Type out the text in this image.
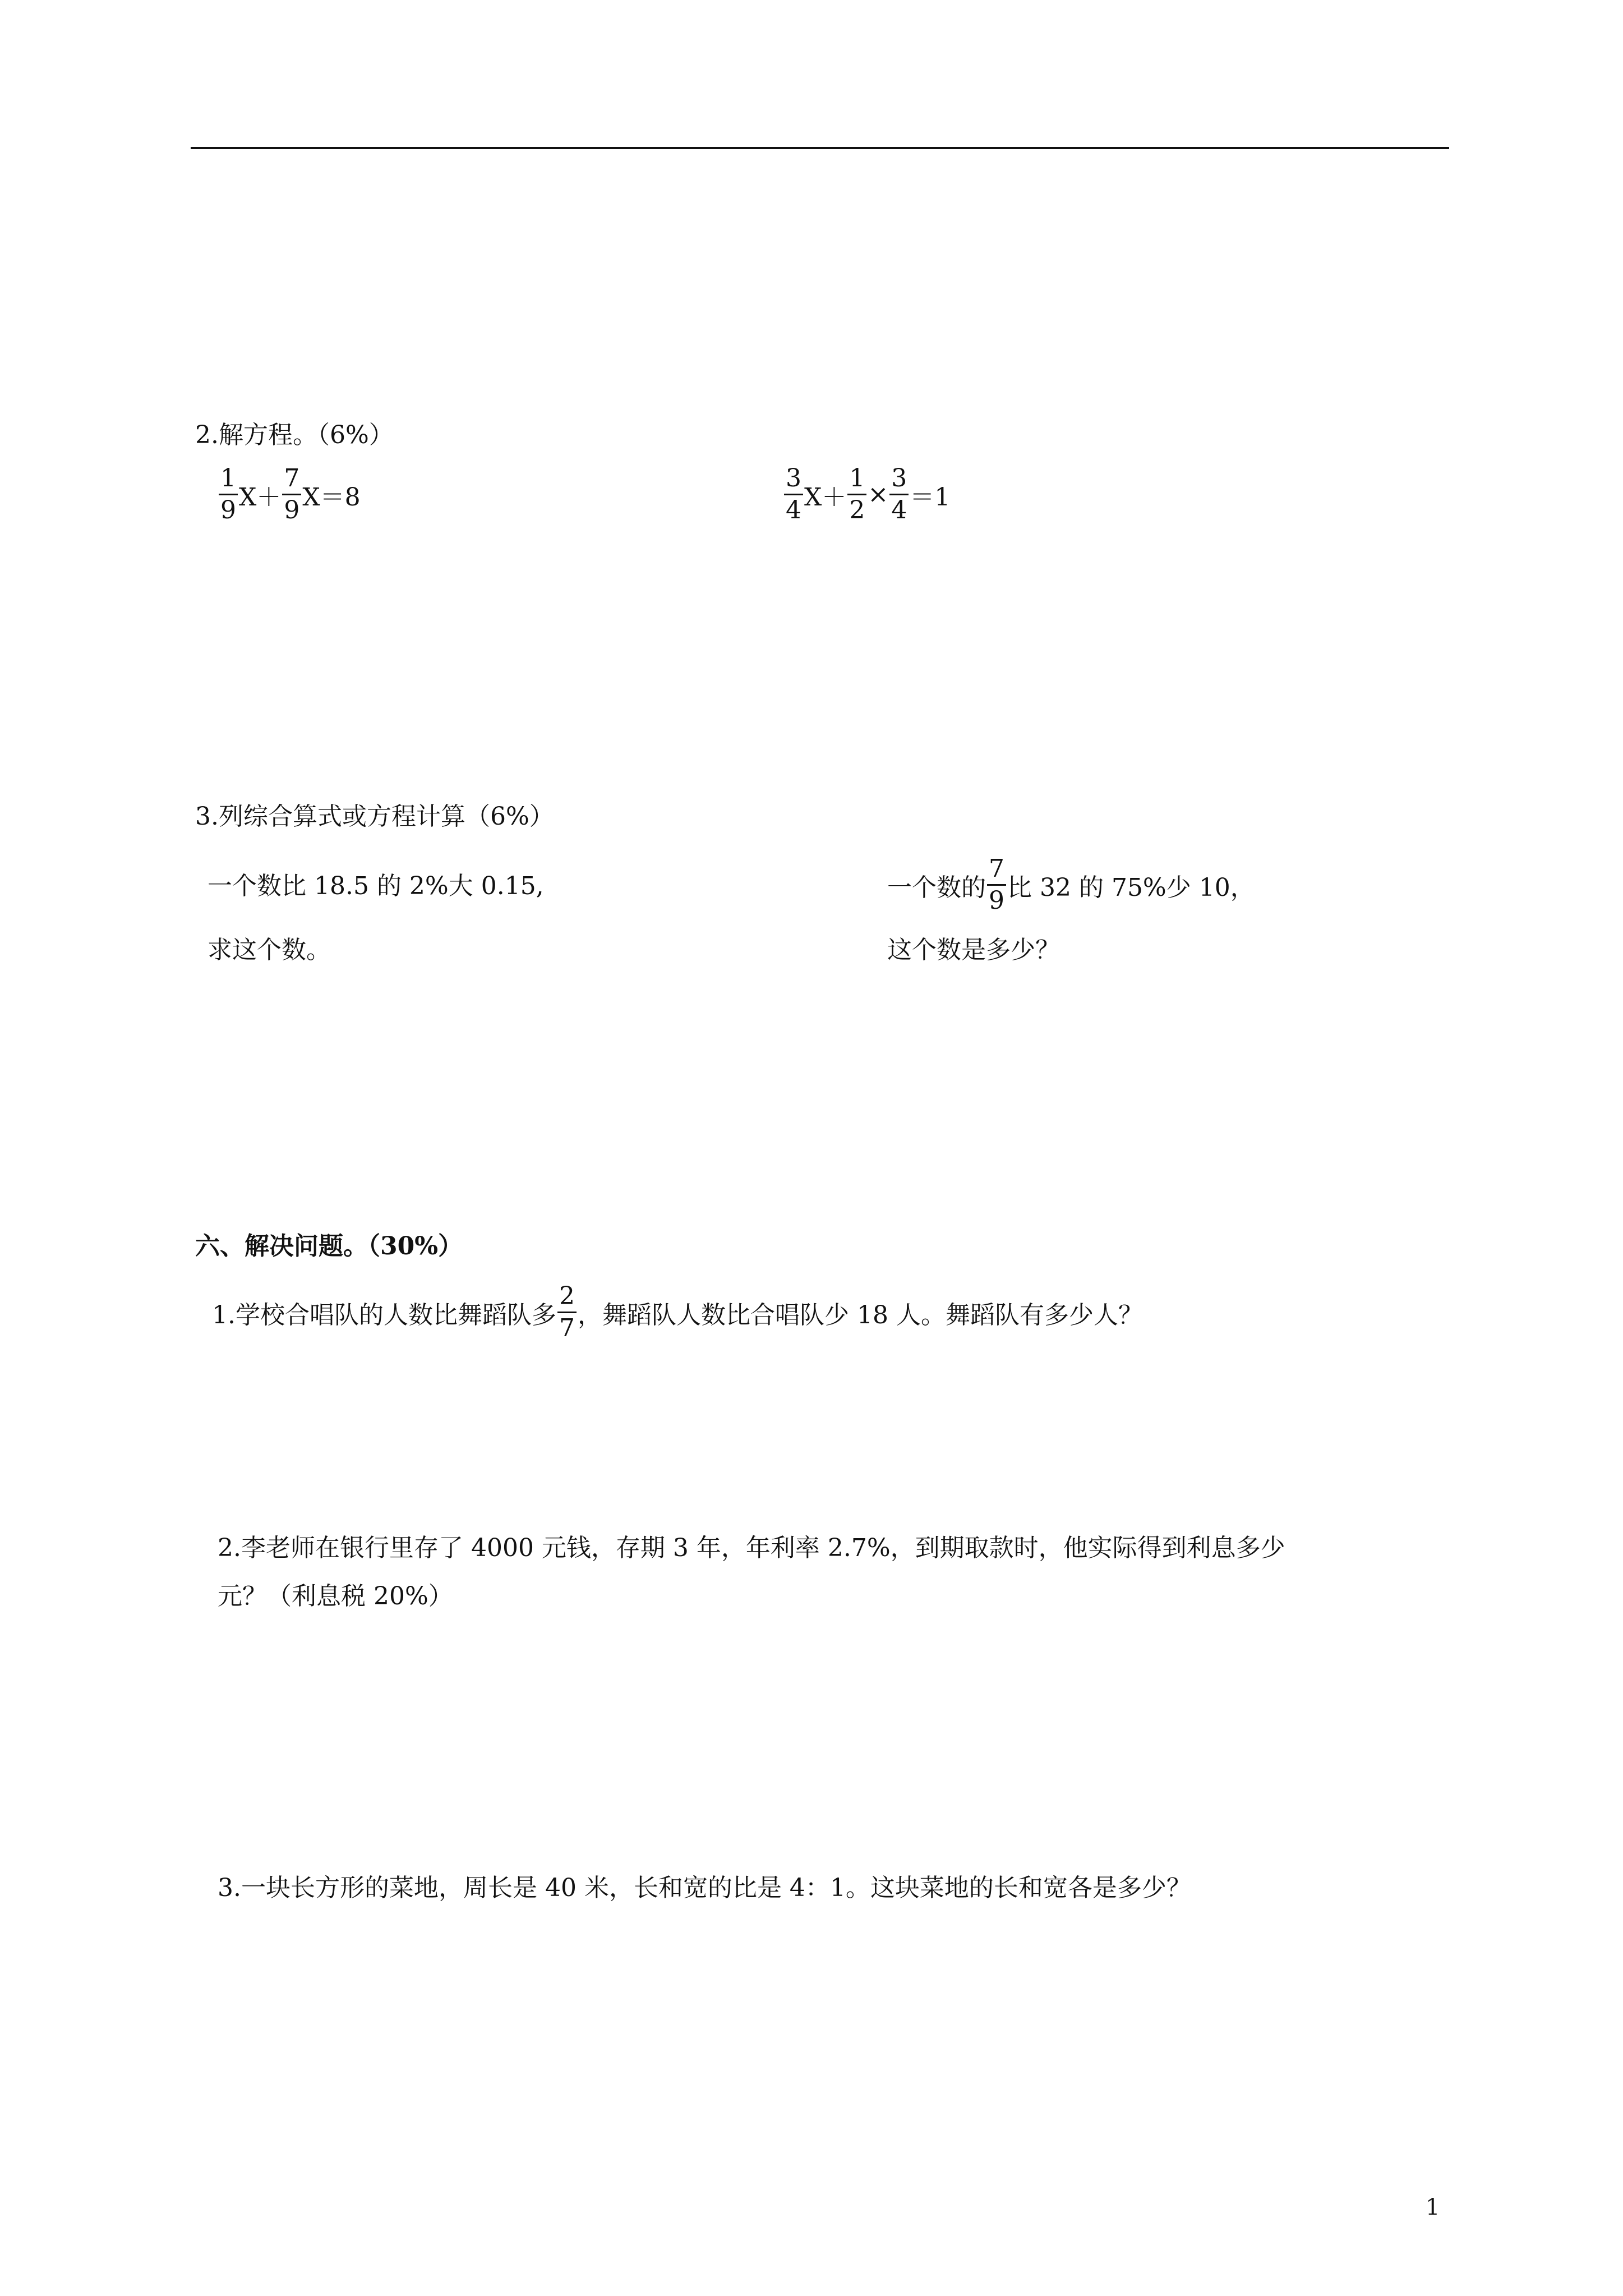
2.解方程。（6%）
$\frac{1}{9} X+ \frac{7}{9} X=8$	$\frac{3}{4} X+ \frac{1}{2} \times \frac{3}{4} =1$
3.列综合算式或方程计算（6%）
一个数比 18.5 的 2%大 0.15,
求这个数。
一个数的 $\frac{7}{9}$ 比 32 的 75%少 10，
这个数是多少？
六、解决问题。（30%）
1.学校合唱队的人数比舞蹈队多 $\frac{2}{7}$ ，舞蹈队人数比合唱队少 18 人。舞蹈队有多少人？
2.李老师在银行里存了 4000 元钱，存期 3 年，年利率 2.7%，到期取款时，他实际得到利息多少
元？（利息税 20%）
3.一块长方形的菜地，周长是 40 米，长和宽的比是 4：1。这块菜地的长和宽各是多少？
1
